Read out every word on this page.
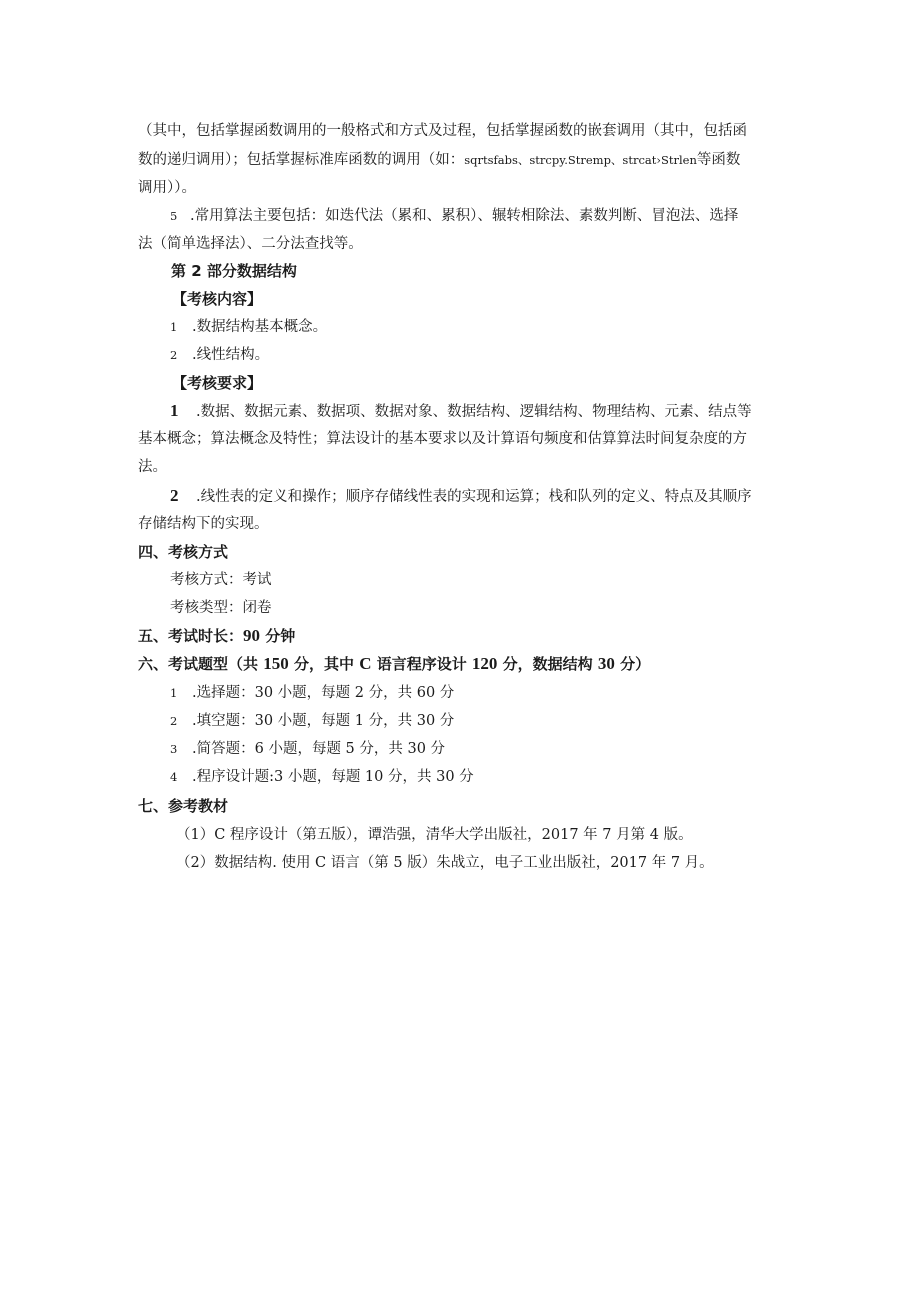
（其中，包括掌握函数调用的一般格式和方式及过程，包括掌握函数的嵌套调用（其中，包括函
数的递归调用）；包括掌握标准库函数的调用（如：sqrtsfabs、strcpy.Stremp、strcat›Strlen等函数
调用））。
5 .常用算法主要包括：如迭代法（累和、累积）、辗转相除法、素数判断、冒泡法、选择
法（简单选择法）、二分法查找等。
第 2 部分数据结构
【考核内容】
1 .数据结构基本概念。
2 .线性结构。
【考核要求】
1 .数据、数据元素、数据项、数据对象、数据结构、逻辑结构、物理结构、元素、结点等
基本概念；算法概念及特性；算法设计的基本要求以及计算语句频度和估算算法时间复杂度的方
法。
2 .线性表的定义和操作；顺序存储线性表的实现和运算；栈和队列的定义、特点及其顺序
存储结构下的实现。
四、考核方式
考核方式：考试
考核类型：闭卷
五、考试时长：90 分钟
六、考试题型（共 150 分，其中 C 语言程序设计 120 分，数据结构 30 分）
1 .选择题：30 小题，每题 2 分，共 60 分
2 .填空题：30 小题，每题 1 分，共 30 分
3 .简答题：6 小题，每题 5 分，共 30 分
4 .程序设计题:3 小题，每题 10 分，共 30 分
七、参考教材
（1）C 程序设计（第五版），谭浩强，清华大学出版社，2017 年 7 月第 4 版。
（2）数据结构. 使用 C 语言（第 5 版）朱战立，电子工业出版社，2017 年 7 月。
